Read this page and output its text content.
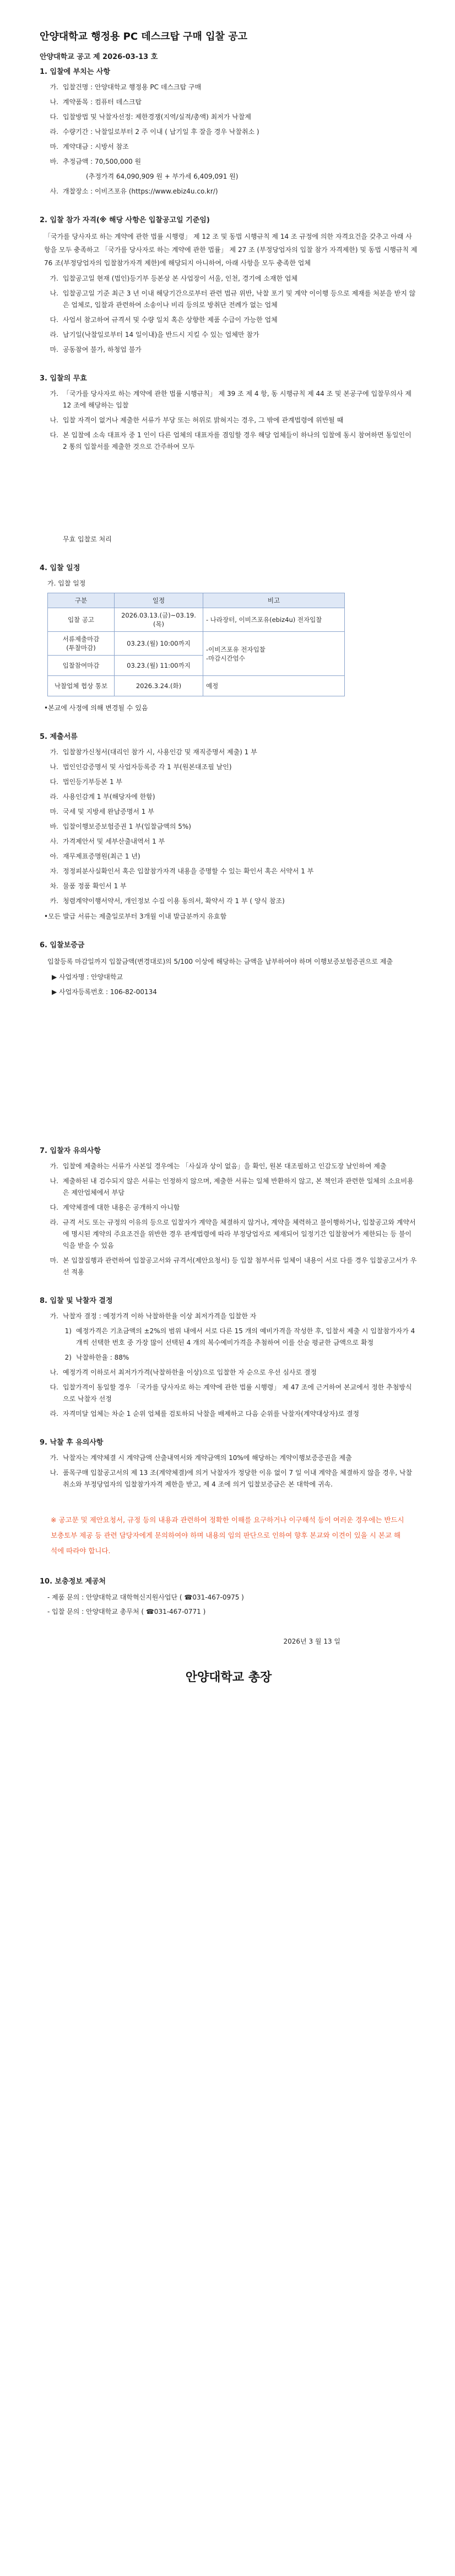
안양대학교 행정용 PC 데스크탑 구매 입찰 공고
안양대학교 공고 제 2026-03-13 호
1. 입찰에 부치는 사항
가. 입찰건명 : 안양대학교 행정용 PC 데스크탑 구매
나. 계약품목 : 컴퓨터 데스크탑
다. 입찰방법 및 낙찰자선정: 제한경쟁(지역/실적/총액) 최저가 낙찰제
라. 수량기간 : 낙찰일로부터 2 주 이내 ( 납기일 후 잘을 경우 낙찰취소 )
마. 계약대금 : 시방서 참조
바. 추정금액 : 70,500,000 원
(추정가격 64,090,909 원 + 부가세 6,409,091 원)
사. 개찰장소 : 이비즈포유 (https://www.ebiz4u.co.kr/)
2. 입찰 참가 자격(※ 해당 사항은 입찰공고일 기준임)
「국가를 당사자로 하는 계약에 관한 법률 시행령」 제 12 조 및 동법 시행규칙 제 14 조 규정에 의한 자격요건을 갖추고 아래 사항을 모두 충족하고 「국가를 당사자로 하는 계약에 관한 법률」 제 27 조 (부정당업자의 입찰 참가 자격제한) 및 동법 시행규칙 제 76 조(부정당업자의 입찰참가자격 제한)에 해당되지 아니하여, 아래 사항을 모두 충족한 업체
가. 입찰공고일 현재 (법인)등기부 등본상 본 사업장이 서울, 인천, 경기에 소재한 업체
나. 입찰공고일 기준 최근 3 년 이내 해당기간으로부터 관련 법규 위반, 낙찰 포기 및 계약 이이행 등으로 제재를 처분을 받지 않은 업체로, 입찰과 관련하여 소송이나 비리 등의로 방취단 전례가 없는 업체
다. 사업서 참고하여 규격서 및 수량 일치 혹은 상향한 제품 수급이 가능한 업체
라. 납기일(낙찰일로부터 14 일이내)을 반드시 지킬 수 있는 업체만 참가
마. 공동참여 불가, 하청업 불가
3. 입찰의 무효
가. 「국가를 당사자로 하는 계약에 관한 법률 시행규칙」 제 39 조 제 4 항, 동 시행규칙 제 44 조 및 본공구에 입찰무의사 제 12 조에 해당하는 입찰
나. 입찰 자격이 없거나 제출한 서류가 부당 또는 허위로 밝혀지는 경우, 그 밖에 관계법령에 위반될 때
다. 본 입찰에 소속 대표자 중 1 인이 다른 업체의 대표자를 겸임할 경우 해당 업체들이 하나의 입찰에 동시 참여하면 동일인이 2 통의 입찰서를 제출한 것으로 간주하여 모두
무효 입찰로 처리
4. 입찰 일정
가. 입찰 일정
구분	일정	비고
입찰 공고	2026.03.13.(금)~03.19.(목)	- 나라장터, 이비즈포유(ebiz4u) 전자입찰
서류제출마감
(투찰마감)	03.23.(월) 10:00까지	-이비즈포유 전자입찰
-마감시간엄수
입찰참여마감	03.23.(월) 11:00까지	
낙찰업체 협상 통보	2026.3.24.(화)	예정
•본교에 사정에 의해 변경될 수 있음
5. 제출서류
가. 입찰참가신청서(대리인 참가 시, 사용인감 및 재직증명서 제출) 1 부
나. 법인인감증명서 및 사업자등록증 각 1 부(원본대조필 날인)
다. 법인등기부등본 1 부
라. 사용인감계 1 부(해당자에 한함)
마. 국세 및 지방세 완납증명서 1 부
바. 입찰이행보증보험증권 1 부(입찰금액의 5%)
사. 가격제안서 및 세부산출내역서 1 부
아. 재무제표증명원(최근 1 년)
자. 정정피분사실확인서 혹은 입찰참가자격 내용을 증명할 수 있는 확인서 혹은 서약서 1 부
차. 물품 정품 확인서 1 부
카. 청렴계약이행서약서, 개인정보 수집 이용 동의서, 확약서 각 1 부 ( 양식 참조)
•모든 발급 서류는 제출일로부터 3개월 이내 발급분까지 유효함
6. 입찰보증금
입찰등록 마감일까지 입찰금액(변경대로)의 5/100 이상에 해당하는 금액을 납부하여야 하며 이행보증보험증권으로 제출
▶ 사업자명 : 안양대학교
▶ 사업자등록번호 : 106-82-00134
7. 입찰자 유의사항
가. 입찰에 제출하는 서류가 사본일 경우에는 「사실과 상이 없음」을 확인, 원본 대조필하고 인감도장 날인하여 제출
나. 제출하된 내 검수되지 않은 서류는 인정하지 않으며, 제출한 서류는 일체 반환하지 않고, 본 책인과 관련한 일체의 소요비용은 제안업체에서 부담
다. 계약체결에 대한 내용은 공개하지 아니함
라. 규격 서도 또는 규정의 이유의 등으로 입찰자가 계약을 체결하지 않거나, 계약을 체력하고 불이행하거나, 입찰공고와 계약서에 명시된 계약의 주요조건을 위반한 경우 관계법령에 따라 부정당업자로 제재되어 일정기간 입찰참여가 제한되는 등 불이익을 받을 수 있음
마. 본 입찰집행과 관련하여 입찰공고서와 규격서(제안요청서) 등 입찰 첨부서류 일체이 내용이 서로 다를 경우 입찰공고서가 우선 적용
8. 입찰 및 낙찰자 결정
가. 낙찰자 결정 : 예정가격 이하 낙찰하한율 이상 최저가격을 입찰한 자
1) 예정가격은 기초금액의 ±2%의 범위 내에서 서로 다른 15 개의 예비가격을 작성한 후, 입찰서 제출 시 입찰참가자가 4 개씩 선택한 번호 중 가장 많이 선택된 4 개의 복수예비가격을 추첨하여 이를 산술 평균한 금액으로 확정
2) 낙찰하한율 : 88%
나. 예정가격 이하로서 최저가가격(낙찰하한율 이상)으로 입찰한 자 순으로 우선 심사로 결정
다. 입찰가격이 동일할 경우 「국가를 당사자로 하는 계약에 관한 법률 시행령」 제 47 조에 근거하여 본교에서 정한 추첨방식으로 낙찰자 선정
라. 자격미달 업체는 차순 1 순위 업체를 검토하되 낙찰을 배제하고 다음 순위를 낙찰자(계약대상자)로 결정
9. 낙찰 후 유의사항
가. 낙찰자는 계약체결 시 계약금액 산출내역서와 계약금액의 10%에 해당하는 계약이행보증증권을 제출
나. 품목구매 입찰공고서의 제 13 조(계약체결)에 의거 낙찰자가 정당한 이유 없이 7 일 이내 계약을 체결하지 않을 경우, 낙찰 취소와 부정당업자의 입찰참가자격 제한을 받고, 제 4 조에 의거 입찰보증금은 본 대학에 귀속.
※ 공고문 및 제안요청서, 규정 등의 내용과 관련하여 정확한 이해를 요구하거나 이구해석 등이 여러운 경우에는 반드시 보충토부 제공 등 관련 담당자에게 문의하여야 하며 내용의 임의 판단으로 인하여 향후 본교와 이견이 있을 시 본교 해석에 따라야 합니다.
10. 보충정보 제공처
- 제품 문의 : 안양대학교 대학혁신지원사업단 ( ☎031-467-0975 )
- 입찰 문의 : 안양대학교 총무처 ( ☎031-467-0771 )
2026년 3 월 13 일
안양대학교 총장
